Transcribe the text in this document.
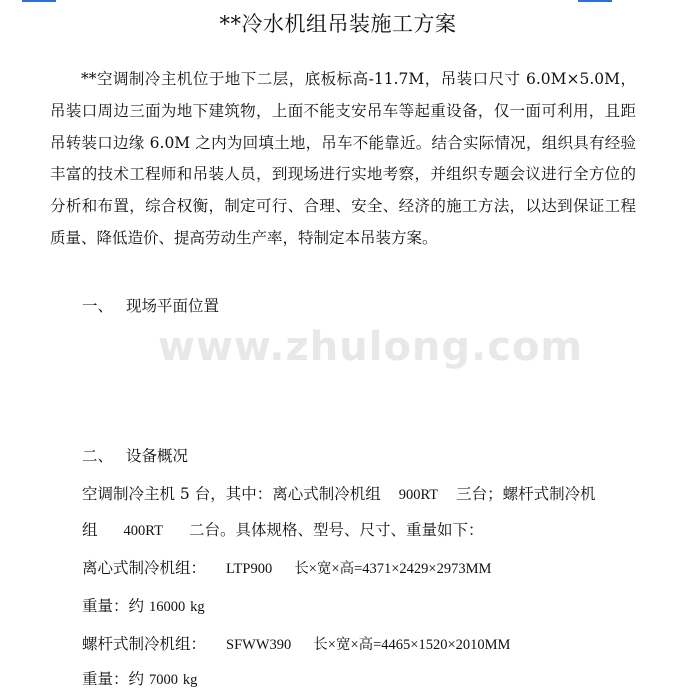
**冷水机组吊装施工方案

**空调制冷主机位于地下二层，底板标高-11.7M，吊装口尺寸 6.0M×5.0M，吊装口周边三面为地下建筑物，上面不能支安吊车等起重设备，仅一面可利用，且距吊转装口边缘 6.0M 之内为回填土地，吊车不能靠近。结合实际情况，组织具有经验丰富的技术工程师和吊装人员，到现场进行实地考察，并组织专题会议进行全方位的分析和布置，综合权衡，制定可行、合理、安全、经济的施工方法，以达到保证工程质量、降低造价、提高劳动生产率，特制定本吊装方案。

一、 现场平面位置

www.zhulong.com

二、 设备概况

空调制冷主机 5 台，其中：离心式制冷机组 900RT 三台；螺杆式制冷机

组 400RT 二台。具体规格、型号、尺寸、重量如下：

离心式制冷机组： LTP900 长×宽×高=4371×2429×2973MM

重量：约 16000 kg

螺杆式制冷机组： SFWW390 长×宽×高=4465×1520×2010MM

重量：约 7000 kg
